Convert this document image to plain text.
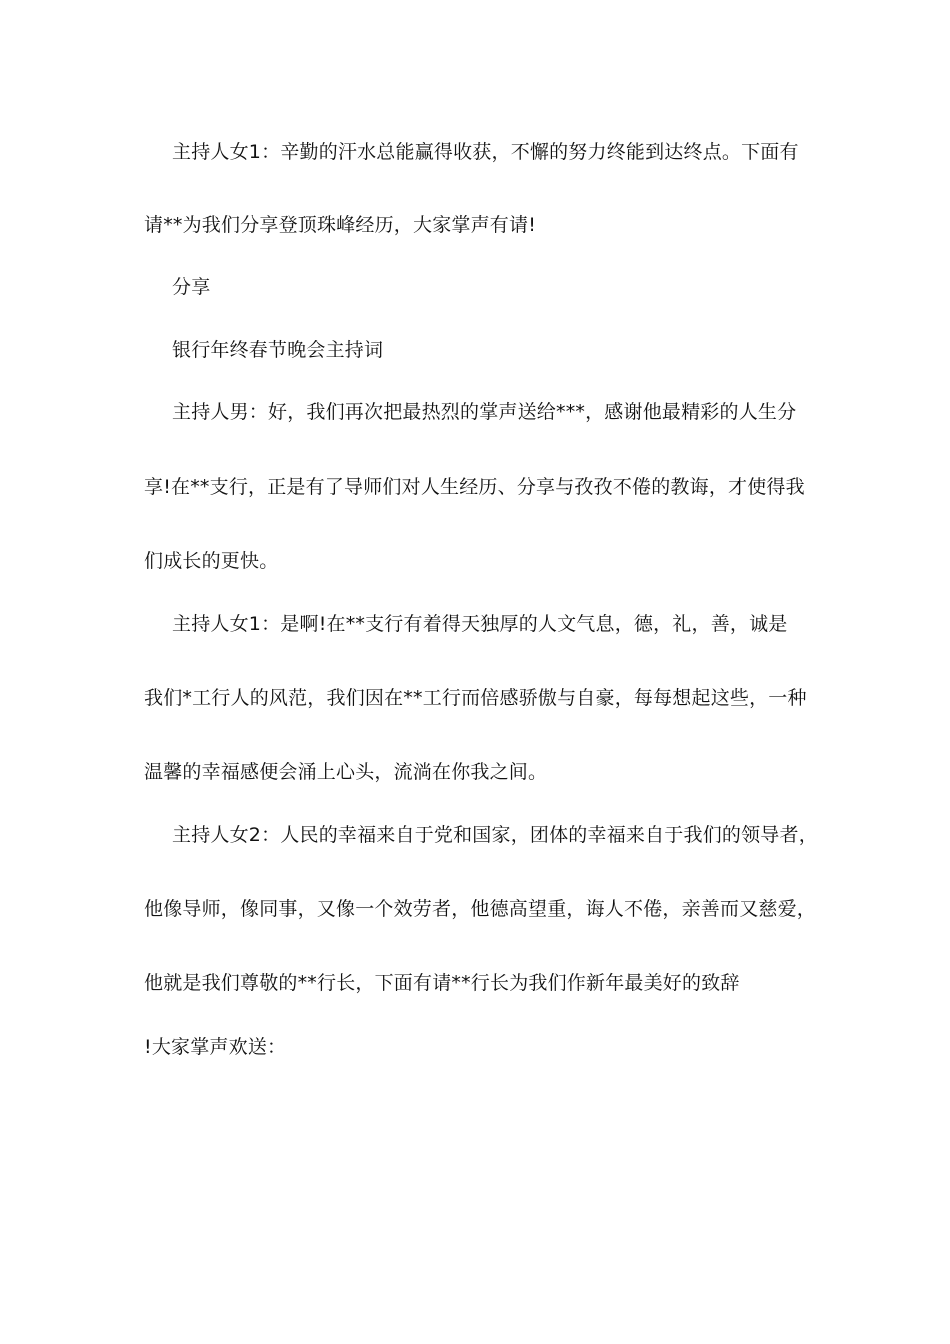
主持人女1：辛勤的汗水总能赢得收获，不懈的努力终能到达终点。下面有
请**为我们分享登顶珠峰经历，大家掌声有请!
分享
银行年终春节晚会主持词
主持人男：好，我们再次把最热烈的掌声送给***，感谢他最精彩的人生分
享!在**支行，正是有了导师们对人生经历、分享与孜孜不倦的教诲，才使得我
们成长的更快。
主持人女1：是啊!在**支行有着得天独厚的人文气息，德，礼，善，诚是
我们*工行人的风范，我们因在**工行而倍感骄傲与自豪，每每想起这些，一种
温馨的幸福感便会涌上心头，流淌在你我之间。
主持人女2：人民的幸福来自于党和国家，团体的幸福来自于我们的领导者，
他像导师，像同事，又像一个效劳者，他德高望重，诲人不倦，亲善而又慈爱，
他就是我们尊敬的**行长，下面有请**行长为我们作新年最美好的致辞
!大家掌声欢送：
